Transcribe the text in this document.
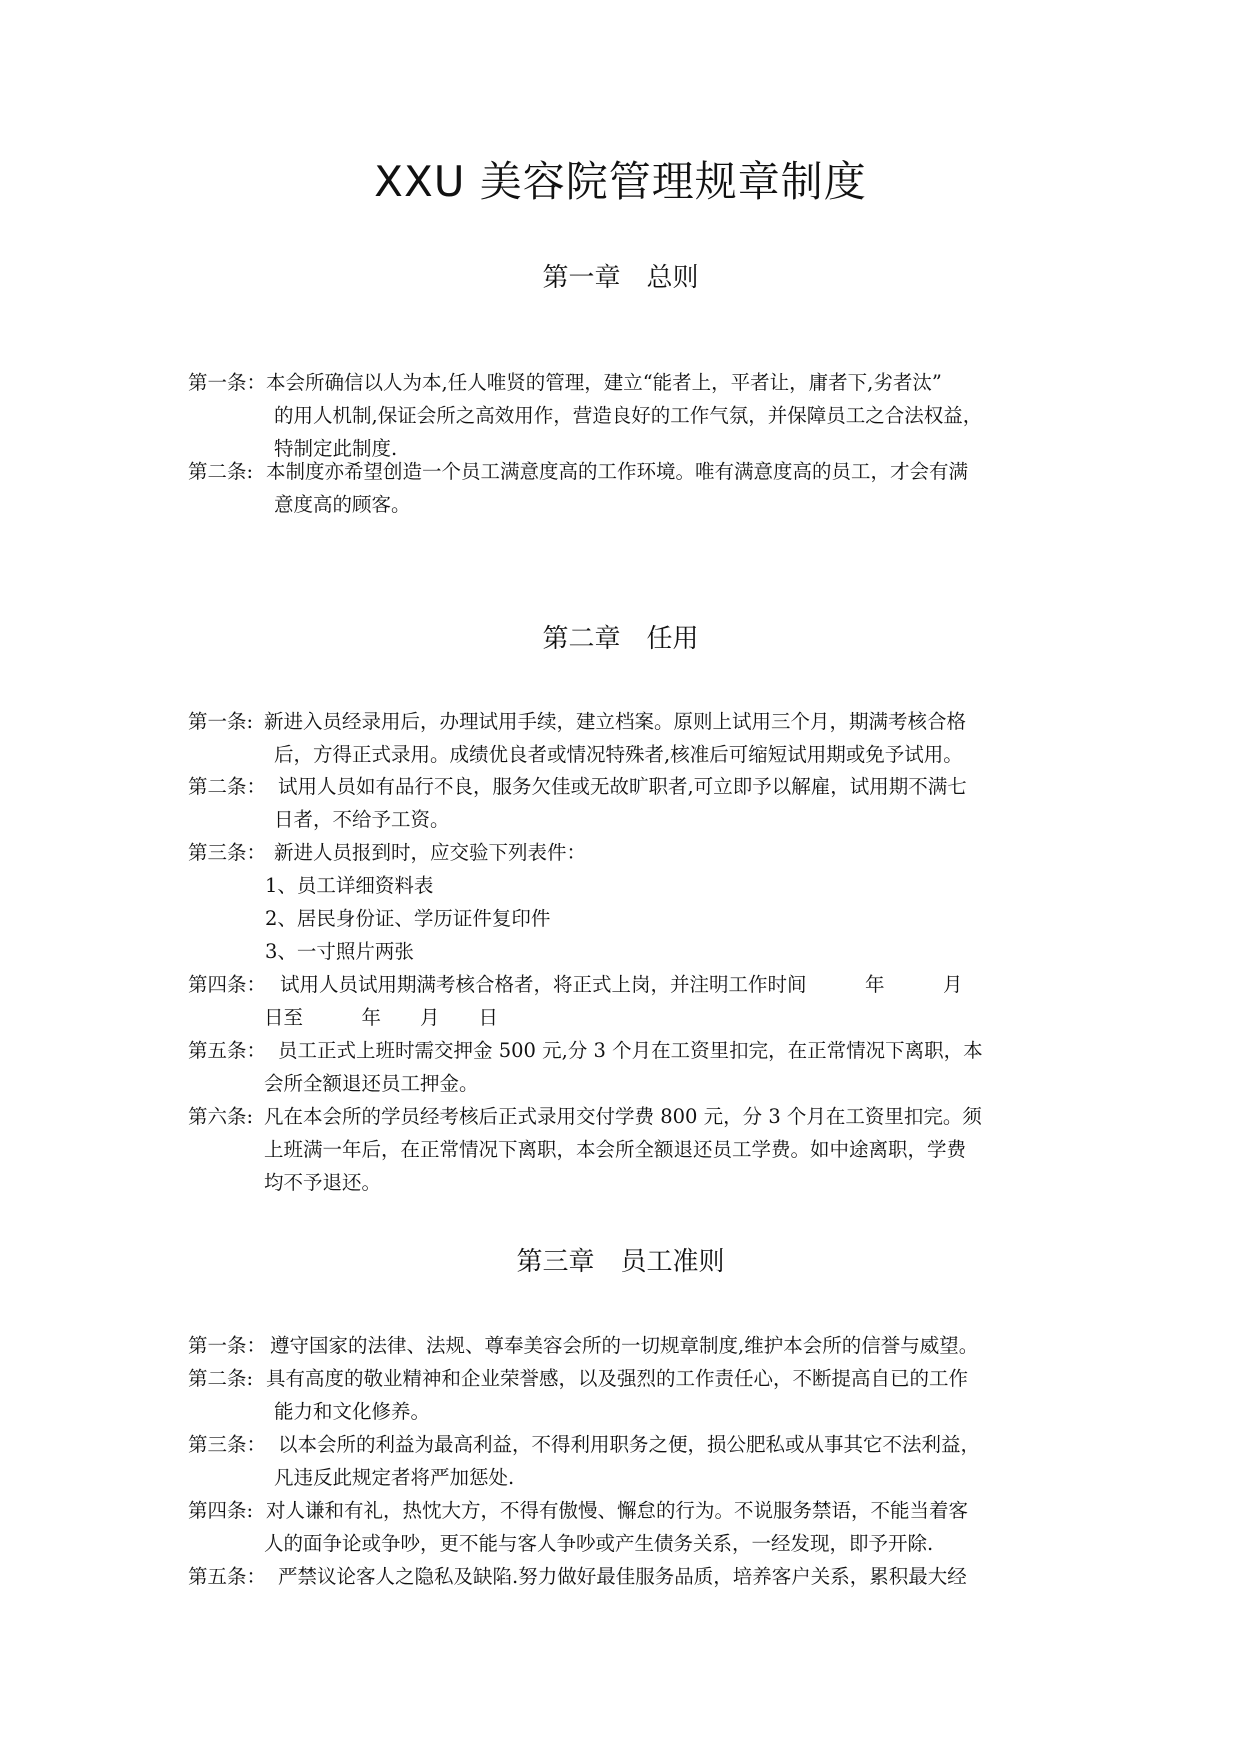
XXU 美容院管理规章制度
第一章　总则
第一条： 本会所确信以人为本,任人唯贤的管理，建立“能者上，平者让，庸者下,劣者汰”
的用人机制,保证会所之高效用作，营造良好的工作气氛，并保障员工之合法权益，
特制定此制度.
第二条: 本制度亦希望创造一个员工满意度高的工作环境。唯有满意度高的员工，才会有满
意度高的顾客。
第二章　任用
第一条: 新进入员经录用后，办理试用手续，建立档案。原则上试用三个月，期满考核合格
后，方得正式录用。成绩优良者或情况特殊者,核准后可缩短试用期或免予试用。
第二条： 试用人员如有品行不良，服务欠佳或无故旷职者,可立即予以解雇，试用期不满七
日者，不给予工资。
第三条： 新进人员报到时，应交验下列表件：
1、员工详细资料表
2、居民身份证、学历证件复印件
3、一寸照片两张
第四条： 试用人员试用期满考核合格者，将正式上岗，并注明工作时间　　　年　　　月
日至　　　年　　月　　日
第五条： 员工正式上班时需交押金 500 元,分 3 个月在工资里扣完，在正常情况下离职，本
会所全额退还员工押金。
第六条: 凡在本会所的学员经考核后正式录用交付学费 800 元，分 3 个月在工资里扣完。须
上班满一年后，在正常情况下离职，本会所全额退还员工学费。如中途离职，学费
均不予退还。
第三章　员工准则
第一条： 遵守国家的法律、法规、尊奉美容会所的一切规章制度,维护本会所的信誉与威望。
第二条: 具有高度的敬业精神和企业荣誉感，以及强烈的工作责任心，不断提高自已的工作
能力和文化修养。
第三条： 以本会所的利益为最高利益，不得利用职务之便，损公肥私或从事其它不法利益，
凡违反此规定者将严加惩处.
第四条: 对人谦和有礼，热忱大方，不得有傲慢、懈怠的行为。不说服务禁语，不能当着客
人的面争论或争吵，更不能与客人争吵或产生债务关系，一经发现，即予开除.
第五条： 严禁议论客人之隐私及缺陷.努力做好最佳服务品质，培养客户关系，累积最大经
